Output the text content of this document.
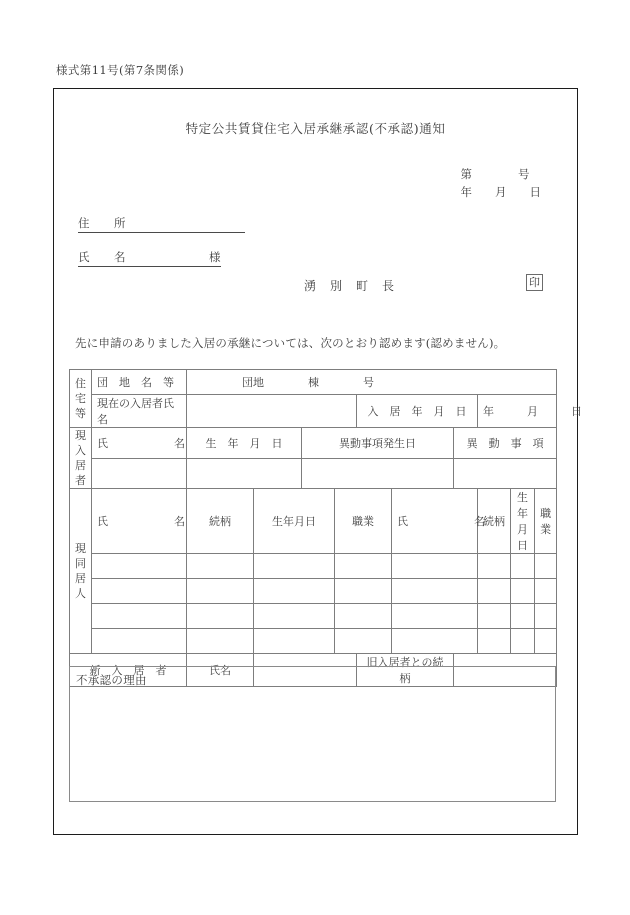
様式第11号(第7条関係)
特定公共賃貸住宅入居承継承認(不承認)通知
第　　　　号
年　　月　　日
住　　所
氏　　名	様
湧　別　町　長	印
先に申請のありました入居の承継については、次のとおり認めます(認めません)。
住
宅
等	団　地　名　等	団地　　　　棟　　　　号									
	現在の入居者氏名					入　居　年　月　日			年　　　月　　　日		

現
入
居
者	氏　　　　　　名	生　年　月　日		異動事項発生日				異　動　事　項			

現
同
居
人	氏　　　　　　名	続柄	生年月日		職業		氏　　　　　　名		続柄	生年月日	職業

新　入　居　者		氏名				旧入居者との続柄					
不承認の理由
